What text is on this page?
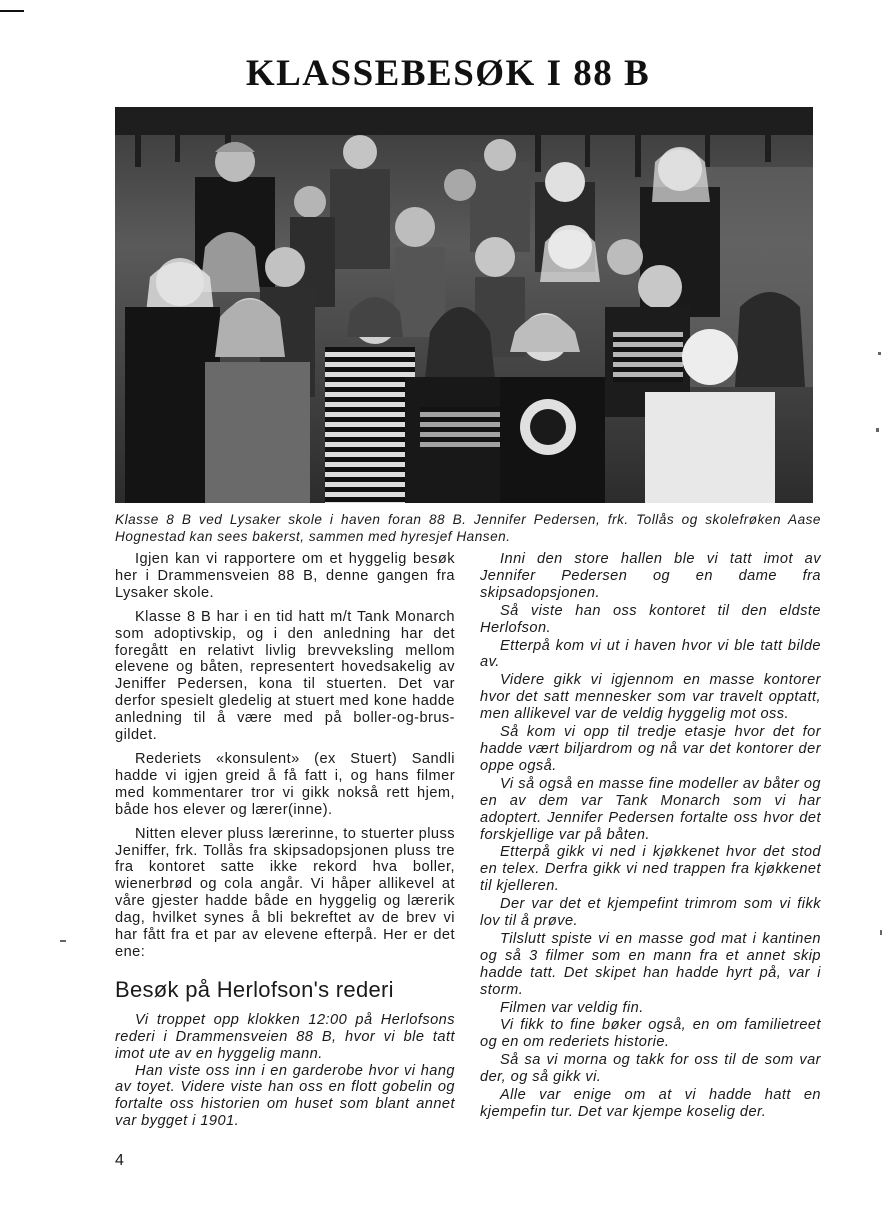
KLASSEBESØK I 88 B

Klasse 8 B ved Lysaker skole i haven foran 88 B. Jennifer Pedersen, frk. Tollås og skolefrøken Aase Hognestad kan sees bakerst, sammen med hyresjef Hansen.

Igjen kan vi rapportere om et hyggelig besøk her i Drammensveien 88 B, denne gangen fra Lysaker skole.

Klasse 8 B har i en tid hatt m/t Tank Monarch som adoptivskip, og i den anledning har det foregått en relativt livlig brevveksling mellom elevene og båten, representert hovedsakelig av Jeniffer Pedersen, kona til stuerten. Det var derfor spesielt gledelig at stuert med kone hadde anledning til å være med på boller-og-brus-gildet.

Rederiets «konsulent» (ex Stuert) Sandli hadde vi igjen greid å få fatt i, og hans filmer med kommentarer tror vi gikk nokså rett hjem, både hos elever og lærer(inne).

Nitten elever pluss lærerinne, to stuerter pluss Jeniffer, frk. Tollås fra skipsadopsjonen pluss tre fra kontoret satte ikke rekord hva boller, wienerbrød og cola angår. Vi håper allikevel at våre gjester hadde både en hyggelig og lærerik dag, hvilket synes å bli bekreftet av de brev vi har fått fra et par av elevene efterpå. Her er det ene:

Besøk på Herlofson's rederi

Vi troppet opp klokken 12:00 på Herlofsons rederi i Drammensveien 88 B, hvor vi ble tatt imot ute av en hyggelig mann.

Han viste oss inn i en garderobe hvor vi hang av toyet. Videre viste han oss en flott gobelin og fortalte oss historien om huset som blant annet var bygget i 1901.

Inni den store hallen ble vi tatt imot av Jennifer Pedersen og en dame fra skipsadopsjonen.

Så viste han oss kontoret til den eldste Herlofson.

Etterpå kom vi ut i haven hvor vi ble tatt bilde av.

Videre gikk vi igjennom en masse kontorer hvor det satt mennesker som var travelt opptatt, men allikevel var de veldig hyggelig mot oss.

Så kom vi opp til tredje etasje hvor det for hadde vært biljardrom og nå var det kontorer der oppe også.

Vi så også en masse fine modeller av båter og en av dem var Tank Monarch som vi har adoptert. Jennifer Pedersen fortalte oss hvor det forskjellige var på båten.

Etterpå gikk vi ned i kjøkkenet hvor det stod en telex. Derfra gikk vi ned trappen fra kjøkkenet til kjelleren.

Der var det et kjempefint trimrom som vi fikk lov til å prøve.

Tilslutt spiste vi en masse god mat i kantinen og så 3 filmer som en mann fra et annet skip hadde tatt. Det skipet han hadde hyrt på, var i storm.

Filmen var veldig fin.

Vi fikk to fine bøker også, en om familietreet og en om rederiets historie.

Så sa vi morna og takk for oss til de som var der, og så gikk vi.

Alle var enige om at vi hadde hatt en kjempefin tur. Det var kjempe koselig der.

4
